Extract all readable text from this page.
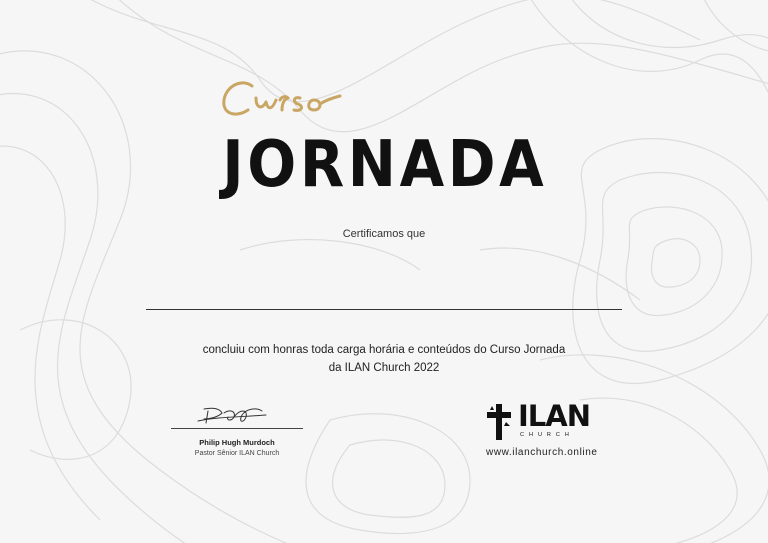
JORNADA
Certificamos que
concluiu com honras toda carga horária e conteúdos do Curso Jornada
da ILAN Church 2022
Philip Hugh Murdoch
Pastor Sênior ILAN Church
ILAN
CHURCH
www.ilanchurch.online
